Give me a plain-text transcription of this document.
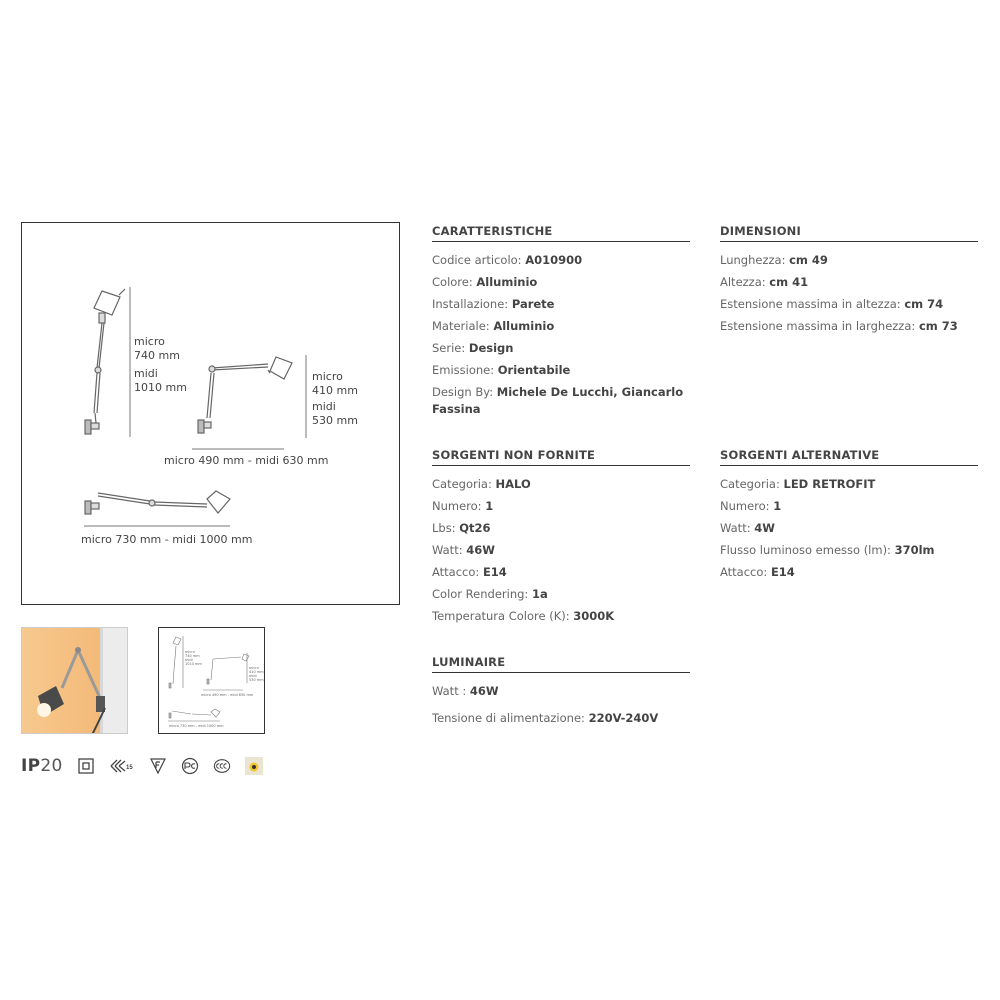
micro
740 mm
midi
1010 mm
micro
410 mm
midi
530 mm
micro 490 mm - midi 630 mm
micro 730 mm - midi 1000 mm
micro
740 mm
midi
1010 mm
micro
410 mm
midi
530 mm
micro 490 mm - midi 630 mm
micro 730 mm - midi 1000 mm
IP20	15
CARATTERISTICHE
Codice articolo: A010900
Colore: Alluminio
Installazione: Parete
Materiale: Alluminio
Serie: Design
Emissione: Orientabile
Design By: Michele De Lucchi, Giancarlo Fassina
DIMENSIONI
Lunghezza: cm 49
Altezza: cm 41
Estensione massima in altezza: cm 74
Estensione massima in larghezza: cm 73
SORGENTI NON FORNITE
Categoria: HALO
Numero: 1
Lbs: Qt26
Watt: 46W
Attacco: E14
Color Rendering: 1a
Temperatura Colore (K): 3000K
SORGENTI ALTERNATIVE
Categoria: LED RETROFIT
Numero: 1
Watt: 4W
Flusso luminoso emesso (lm): 370lm
Attacco: E14
LUMINAIRE
Watt : 46W
Tensione di alimentazione: 220V-240V
